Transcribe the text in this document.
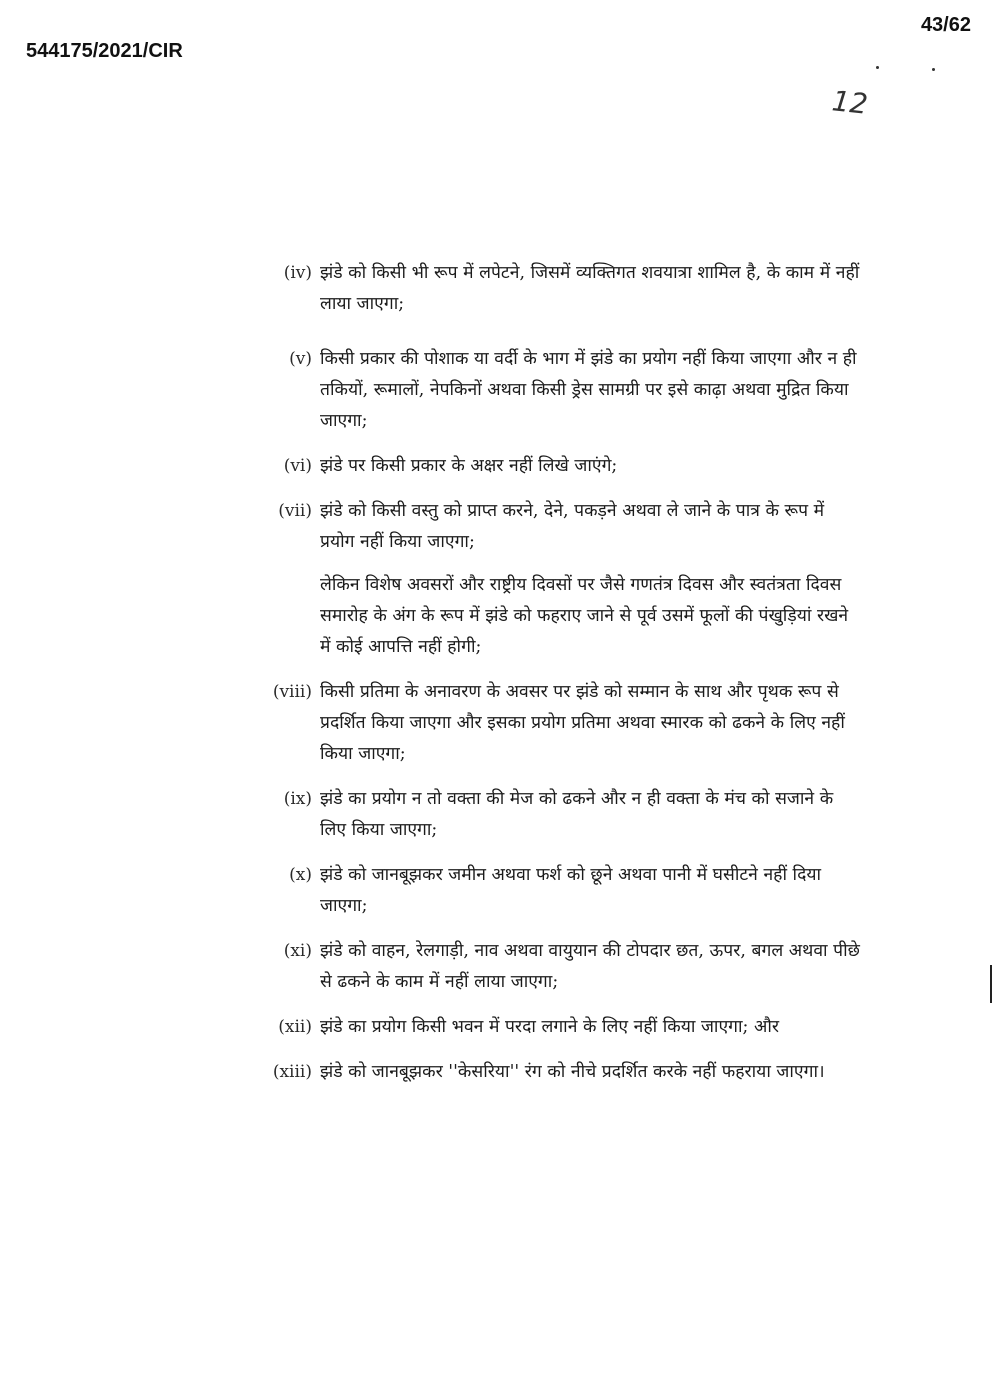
544175/2021/CIR
43/62
12
(iv) झंडे को किसी भी रूप में लपेटने, जिसमें व्यक्तिगत शवयात्रा शामिल है, के काम में नहीं लाया जाएगा;
(v) किसी प्रकार की पोशाक या वर्दी के भाग में झंडे का प्रयोग नहीं किया जाएगा और न ही तकियों, रूमालों, नेपकिनों अथवा किसी ड्रेस सामग्री पर इसे काढ़ा अथवा मुद्रित किया जाएगा;
(vi) झंडे पर किसी प्रकार के अक्षर नहीं लिखे जाएंगे;
(vii) झंडे को किसी वस्तु को प्राप्त करने, देने, पकड़ने अथवा ले जाने के पात्र के रूप में प्रयोग नहीं किया जाएगा;
लेकिन विशेष अवसरों और राष्ट्रीय दिवसों पर जैसे गणतंत्र दिवस और स्वतंत्रता दिवस समारोह के अंग के रूप में झंडे को फहराए जाने से पूर्व उसमें फूलों की पंखुड़ियां रखने में कोई आपत्ति नहीं होगी;
(viii) किसी प्रतिमा के अनावरण के अवसर पर झंडे को सम्मान के साथ और पृथक रूप से प्रदर्शित किया जाएगा और इसका प्रयोग प्रतिमा अथवा स्मारक को ढकने के लिए नहीं किया जाएगा;
(ix) झंडे का प्रयोग न तो वक्ता की मेज को ढकने और न ही वक्ता के मंच को सजाने के लिए किया जाएगा;
(x) झंडे को जानबूझकर जमीन अथवा फर्श को छूने अथवा पानी में घसीटने नहीं दिया जाएगा;
(xi) झंडे को वाहन, रेलगाड़ी, नाव अथवा वायुयान की टोपदार छत, ऊपर, बगल अथवा पीछे से ढकने के काम में नहीं लाया जाएगा;
(xii) झंडे का प्रयोग किसी भवन में परदा लगाने के लिए नहीं किया जाएगा; और
(xiii) झंडे को जानबूझकर ''केसरिया'' रंग को नीचे प्रदर्शित करके नहीं फहराया जाएगा।
